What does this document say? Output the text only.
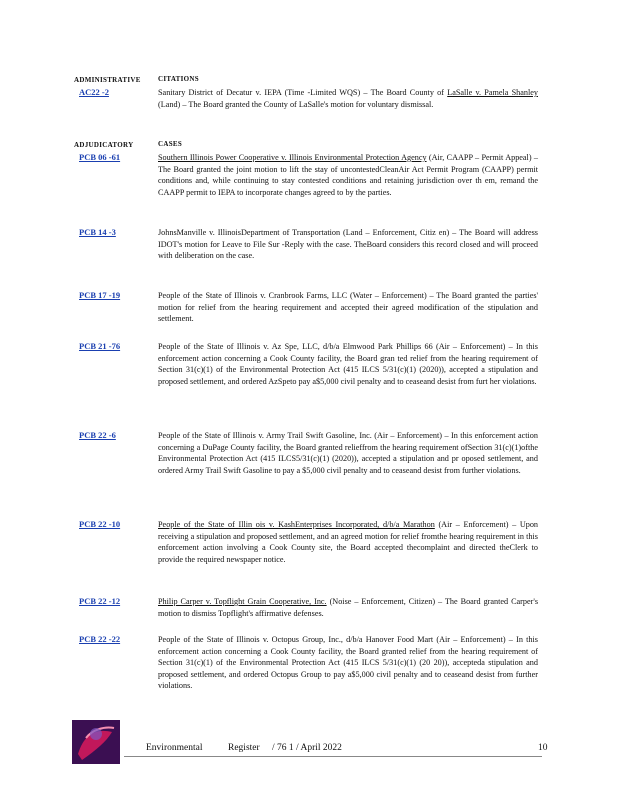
ADMINISTRATIVE CITATIONS
AC22 -2	Sanitary District of Decatur v. IEPA (Time -Limited WQS) – The Board County of LaSalle v. Pamela Shanley (Land) – The Board granted the County of LaSalle's motion for voluntary dismissal.
ADJUDICATORY	CASES
PCB 06 -61	Southern Illinois Power Cooperative v. Illinois Environmental Protection Agency (Air, CAAPP – Permit Appeal) – The Board granted the joint motion to lift the stay of uncontestedCleanAir Act Permit Program (CAAPP) permit conditions and, while continuing to stay contested conditions and retaining jurisdiction over th em, remand the CAAPP permit to IEPA to incorporate changes agreed to by the parties.
PCB 14 -3	JohnsManville v. IllinoisDepartment of Transportation (Land – Enforcement, Citiz en) – The Board will address IDOT's motion for Leave to File Sur -Reply with the case. TheBoard considers this record closed and will proceed with deliberation on the case.
PCB 17 -19	People of the State of Illinois v. Cranbrook Farms, LLC (Water – Enforcement) – The Board granted the parties' motion for relief from the hearing requirement and accepted their agreed modification of the stipulation and settlement.
PCB 21 -76	People of the State of Illinois v. Az Spe, LLC, d/b/a Elmwood Park Phillips 66 (Air – Enforcement) – In this enforcement action concerning a Cook County facility, the Board gran ted relief from the hearing requirement of Section 31(c)(1) of the Environmental Protection Act (415 ILCS 5/31(c)(1) (2020)), accepted a stipulation and proposed settlement, and ordered AzSpeto pay a$5,000 civil penalty and to ceaseand desist from furt her violations.
PCB 22 -6	People of the State of Illinois v. Army Trail Swift Gasoline, Inc. (Air – Enforcement) – In this enforcement action concerning a DuPage County facility, the Board granted relieffrom the hearing requirement ofSection 31(c)(1)ofthe Environmental Protection Act (415 ILCS5/31(c)(1) (2020)), accepted a stipulation and pr oposed settlement, and ordered Army Trail Swift Gasoline to pay a $5,000 civil penalty and to ceaseand desist from further violations.
PCB 22 -10	People of the State of Illin ois v. KashEnterprises Incorporated, d/b/a Marathon (Air – Enforcement) – Upon receiving a stipulation and proposed settlement, and an agreed motion for relief fromthe hearing requirement in this enforcement action involving a Cook County site, the Board accepted thecomplaint and directed theClerk to provide the required newspaper notice.
PCB 22 -12	Philip Carper v. Topflight Grain Cooperative, Inc. (Noise – Enforcement, Citizen) – The Board granted Carper's motion to dismiss Topflight's affirmative defenses.
PCB 22 -22	People of the State of Illinois v. Octopus Group, Inc., d/b/a Hanover Food Mart (Air – Enforcement) – In this enforcement action concerning a Cook County facility, the Board granted relief from the hearing requirement of Section 31(c)(1) of the Environmental Protection Act (415 ILCS 5/31(c)(1) (20 20)), accepteda stipulation and proposed settlement, and ordered Octopus Group to pay a$5,000 civil penalty and to ceaseand desist from further violations.
Environmental	Register / 76 1 / April 2022	10
